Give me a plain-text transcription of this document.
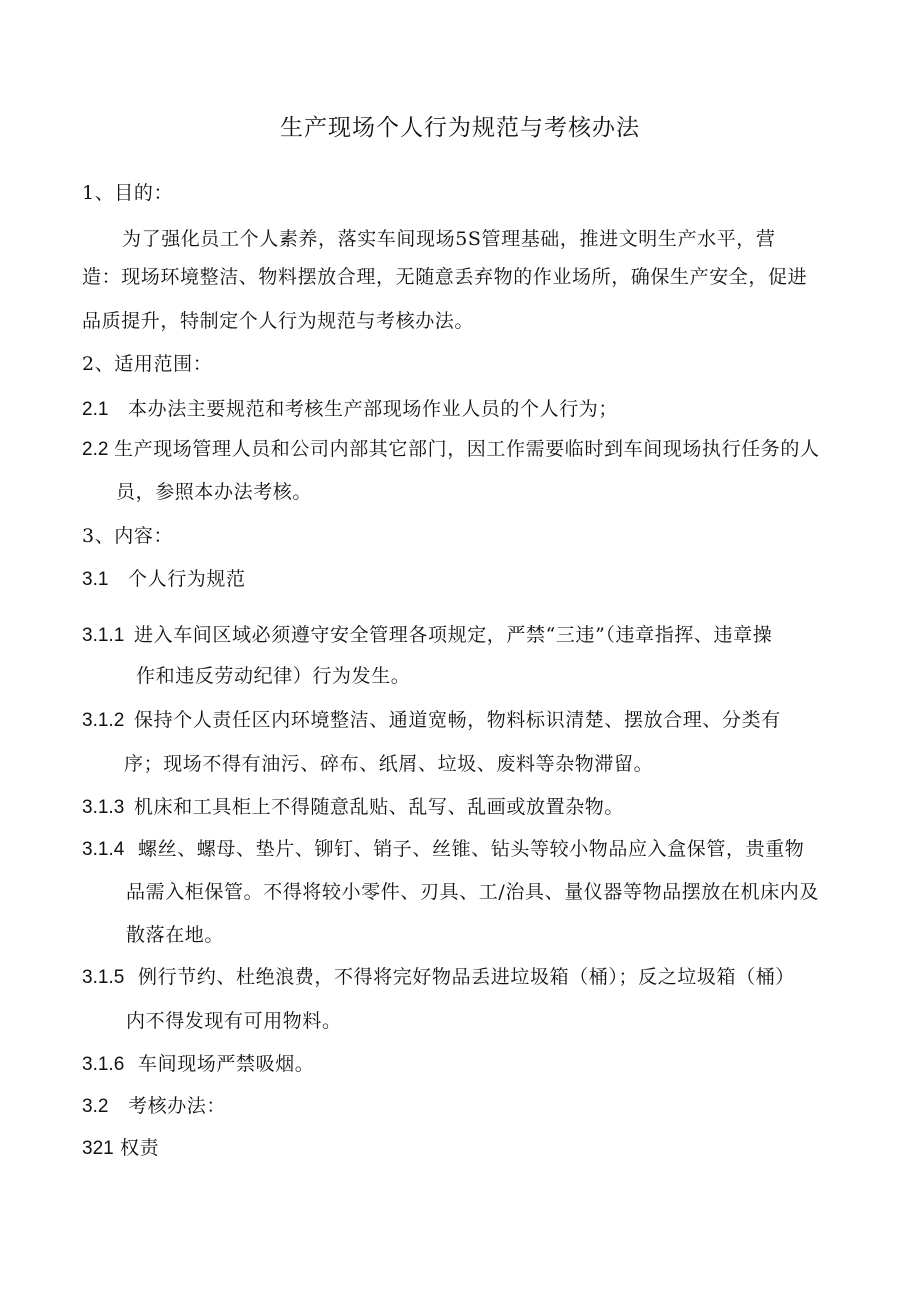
生产现场个人行为规范与考核办法
1、目的：
为了强化员工个人素养，落实车间现场5S管理基础，推进文明生产水平，营
造：现场环境整洁、物料摆放合理，无随意丢弃物的作业场所，确保生产安全，促进
品质提升，特制定个人行为规范与考核办法。
2、适用范围：
2.1 本办法主要规范和考核生产部现场作业人员的个人行为；
2.2 生产现场管理人员和公司内部其它部门，因工作需要临时到车间现场执行任务的人
员，参照本办法考核。
3、内容：
3.1 个人行为规范
3.1.1 进入车间区域必须遵守安全管理各项规定，严禁“三违”（违章指挥、违章操
作和违反劳动纪律）行为发生。
3.1.2 保持个人责任区内环境整洁、通道宽畅，物料标识清楚、摆放合理、分类有
序；现场不得有油污、碎布、纸屑、垃圾、废料等杂物滞留。
3.1.3 机床和工具柜上不得随意乱贴、乱写、乱画或放置杂物。
3.1.4 螺丝、螺母、垫片、铆钉、销子、丝锥、钻头等较小物品应入盒保管，贵重物
品需入柜保管。不得将较小零件、刃具、工/治具、量仪器等物品摆放在机床内及
散落在地。
3.1.5 例行节约、杜绝浪费，不得将完好物品丢进垃圾箱（桶）；反之垃圾箱（桶）
内不得发现有可用物料。
3.1.6 车间现场严禁吸烟。
3.2 考核办法：
321 权责
